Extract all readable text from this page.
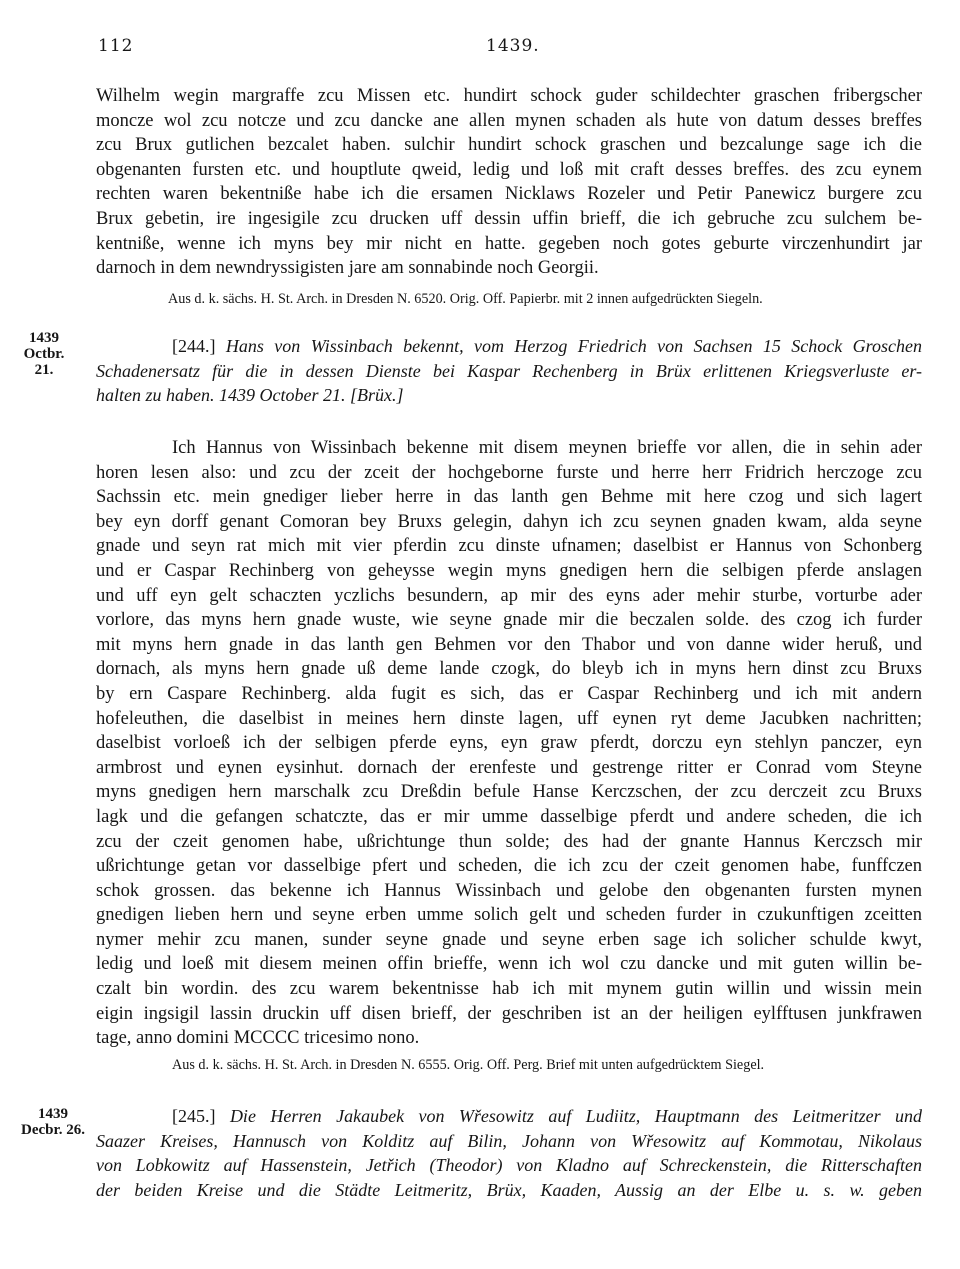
112	1439.
Wilhelm wegin margraffe zcu Missen etc. hundirt schock guder schildechter graschen fribergscher
moncze wol zcu notcze und zcu dancke ane allen mynen schaden als hute von datum desses breffes
zcu Brux gutlichen bezcalet haben. sulchir hundirt schock graschen und bezcalunge sage ich die
obgenanten fursten etc. und houptlute qweid, ledig und loß mit craft desses breffes. des zcu eynem
rechten waren bekentniße habe ich die ersamen Nicklaws Rozeler und Petir Panewicz burgere zcu
Brux gebetin, ire ingesigile zcu drucken uff dessin uffin brieff, die ich gebruche zcu sulchem be-
kentniße, wenne ich myns bey mir nicht en hatte. gegeben noch gotes geburte virczenhundirt jar
darnoch in dem newndryssigisten jare am sonnabinde noch Georgii.
Aus d. k. sächs. H. St. Arch. in Dresden N. 6520. Orig. Off. Papierbr. mit 2 innen aufgedrückten Siegeln.
1439
Octbr. 21.
[244.] Hans von Wissinbach bekennt, vom Herzog Friedrich von Sachsen 15 Schock Groschen
Schadenersatz für die in dessen Dienste bei Kaspar Rechenberg in Brüx erlittenen Kriegsverluste er-
halten zu haben. 1439 October 21. [Brüx.]
Ich Hannus von Wissinbach bekenne mit disem meynen brieffe vor allen, die in sehin ader
horen lesen also: und zcu der zceit der hochgebornе furste und herre herr Fridrich herczoge zcu
Sachssin etc. mein gnediger lieber herre in das lanth gen Behme mit here czog und sich lagert
bey eyn dorff genant Comoran bey Bruxs gelegin, dahyn ich zcu seynen gnaden kwam, alda seyne
gnade und seyn rat mich mit vier pferdin zcu dinste ufnamen; daselbist er Hannus von Schonberg
und er Caspar Rechinberg von geheysse wegin myns gnedigen hern die selbigen pferde anslagen
und uff eyn gelt schaczten yczlichs besundern, ap mir des eyns ader mehir sturbe, vorturbe ader
vorlore, das myns hern gnade wuste, wie seyne gnade mir die beczalen solde. des czog ich furder
mit myns hern gnade in das lanth gen Behmen vor den Thabor und von danne wider heruß, und
dornach, als myns hern gnade uß deme lande czogk, do bleyb ich in myns hern dinst zcu Bruxs
by ern Caspare Rechinberg. alda fugit es sich, das er Caspar Rechinberg und ich mit andern
hofeleuthen, die daselbist in meines hern dinste lagen, uff eynen ryt deme Jacubken nachritten;
daselbist vorloeß ich der selbigen pferde eyns, eyn graw pferdt, dorczu eyn stehlyn panczer, eyn
armbrost und eynen eysinhut. dornach der erenfeste und gestrenge ritter er Conrad vom Steyne
myns gnedigen hern marschalk zcu Dreßdin befule Hanse Kerczschen, der zcu derczeit zcu Bruxs
lagk und die gefangen schatczte, das er mir umme dasselbige pferdt und andere scheden, die ich
zcu der czeit genomen habe, ußrichtunge thun solde; des had der gnante Hannus Kerczsch mir
ußrichtunge getan vor dasselbige pfert und scheden, die ich zcu der czeit genomen habe, funffczen
schok grossen. das bekenne ich Hannus Wissinbach und gelobe den obgenanten fursten mynen
gnedigen lieben hern und seyne erben umme solich gelt und scheden furder in czukunftigen zceitten
nymer mehir zcu manen, sunder seyne gnade und seyne erben sage ich solicher schulde kwyt,
ledig und loeß mit diesem meinen offin brieffe, wenn ich wol czu dancke und mit guten willin be-
czalt bin wordin. des zcu warem bekentnisse hab ich mit mynem gutin willin und wissin mein
eigin ingsigil lassin druckin uff disen brieff, der geschriben ist an der heiligen eylfftusen junkfrawen
tage, anno domini MCCCC tricesimo nono.
Aus d. k. sächs. H. St. Arch. in Dresden N. 6555. Orig. Off. Perg. Brief mit unten aufgedrücktem Siegel.
1439
Decbr. 26.
[245.] Die Herren Jakaubek von Wřesowitz auf Ludiitz, Hauptmann des Leitmeritzer und
Saazer Kreises, Hannusch von Kolditz auf Bilin, Johann von Wřesowitz auf Kommotau, Nikolaus
von Lobkowitz auf Hassenstein, Jetřich (Theodor) von Kladno auf Schreckenstein, die Ritterschaften
der beiden Kreise und die Städte Leitmeritz, Brüx, Kaaden, Aussig an der Elbe u. s. w. geben
